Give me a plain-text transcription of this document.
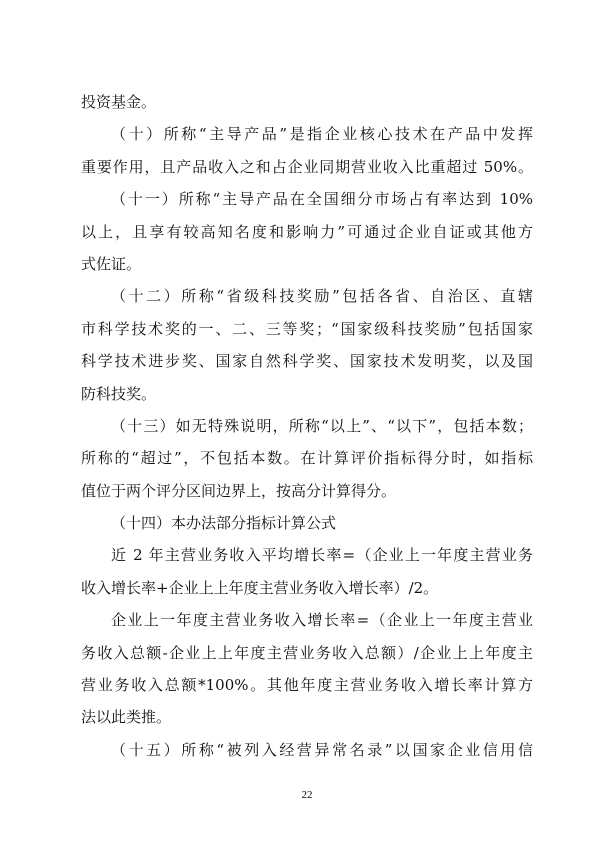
投资基金。
（十）所称“主导产品”是指企业核心技术在产品中发挥
重要作用，且产品收入之和占企业同期营业收入比重超过 50%。
（十一）所称“主导产品在全国细分市场占有率达到 10%
以上，且享有较高知名度和影响力”可通过企业自证或其他方
式佐证。
（十二）所称“省级科技奖励”包括各省、自治区、直辖
市科学技术奖的一、二、三等奖；“国家级科技奖励”包括国家
科学技术进步奖、国家自然科学奖、国家技术发明奖，以及国
防科技奖。
（十三）如无特殊说明，所称“以上”、“以下”，包括本数；
所称的“超过”，不包括本数。在计算评价指标得分时，如指标
值位于两个评分区间边界上，按高分计算得分。
（十四）本办法部分指标计算公式
近 2 年主营业务收入平均增长率=（企业上一年度主营业务
收入增长率+企业上上年度主营业务收入增长率）/2。
企业上一年度主营业务收入增长率=（企业上一年度主营业
务收入总额-企业上上年度主营业务收入总额）/企业上上年度主
营业务收入总额*100%。其他年度主营业务收入增长率计算方
法以此类推。
（十五）所称“被列入经营异常名录”以国家企业信用信
22
